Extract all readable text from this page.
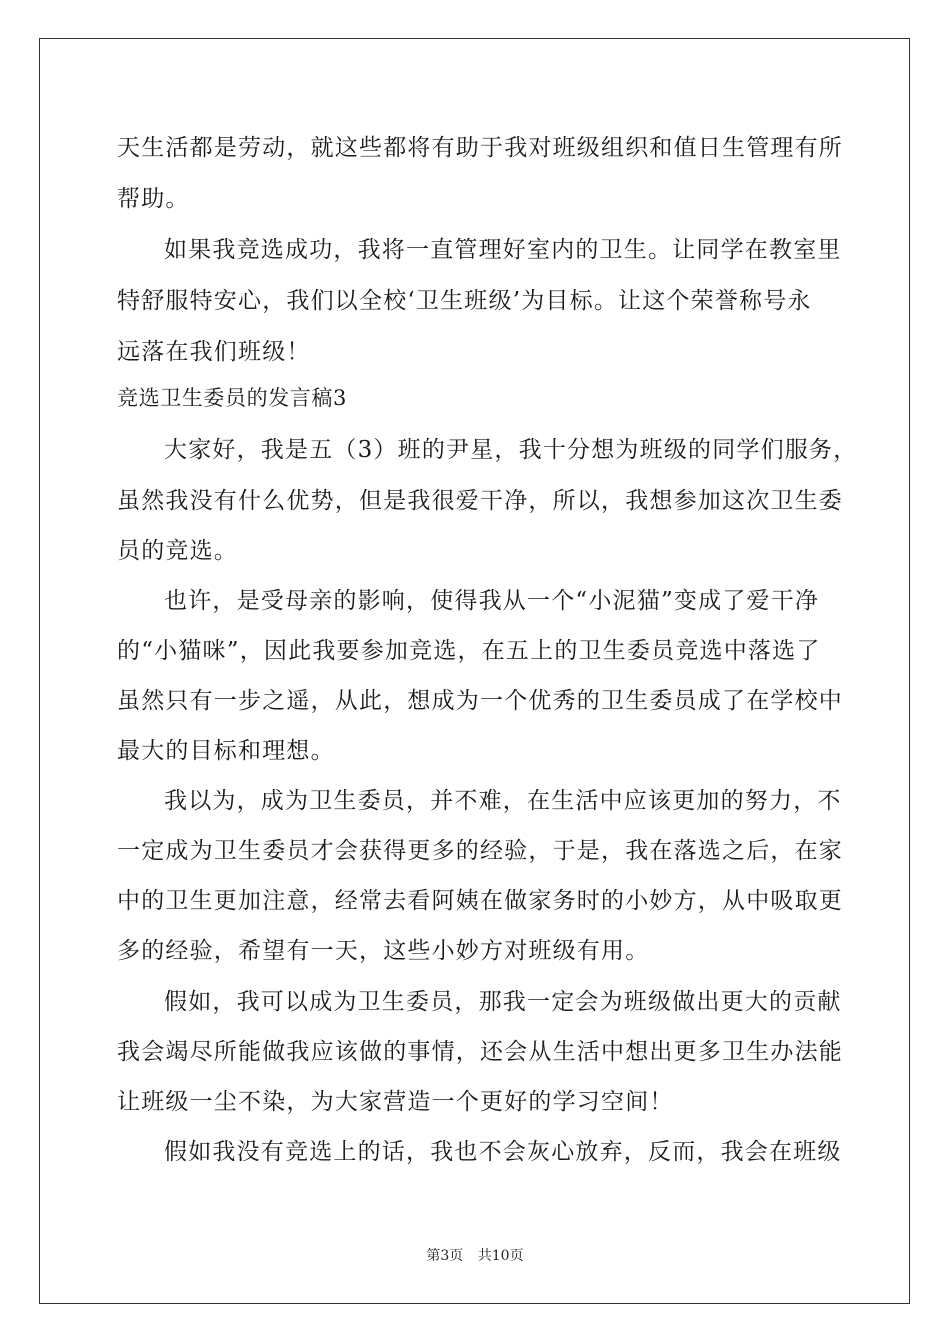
天生活都是劳动，就这些都将有助于我对班级组织和值日生管理有所
帮助。
如果我竞选成功，我将一直管理好室内的卫生。让同学在教室里
特舒服特安心，我们以全校‘卫生班级’为目标。让这个荣誉称号永
远落在我们班级！
竞选卫生委员的发言稿3
大家好，我是五（3）班的尹星，我十分想为班级的同学们服务，
虽然我没有什么优势，但是我很爱干净，所以，我想参加这次卫生委
员的竞选。
也许，是受母亲的影响，使得我从一个“小泥猫”变成了爱干净
的“小猫咪”，因此我要参加竞选，在五上的卫生委员竞选中落选了
虽然只有一步之遥，从此，想成为一个优秀的卫生委员成了在学校中
最大的目标和理想。
我以为，成为卫生委员，并不难，在生活中应该更加的努力，不
一定成为卫生委员才会获得更多的经验，于是，我在落选之后，在家
中的卫生更加注意，经常去看阿姨在做家务时的小妙方，从中吸取更
多的经验，希望有一天，这些小妙方对班级有用。
假如，我可以成为卫生委员，那我一定会为班级做出更大的贡献
我会竭尽所能做我应该做的事情，还会从生活中想出更多卫生办法能
让班级一尘不染，为大家营造一个更好的学习空间！
假如我没有竞选上的话，我也不会灰心放弃，反而，我会在班级
第3页 共10页
